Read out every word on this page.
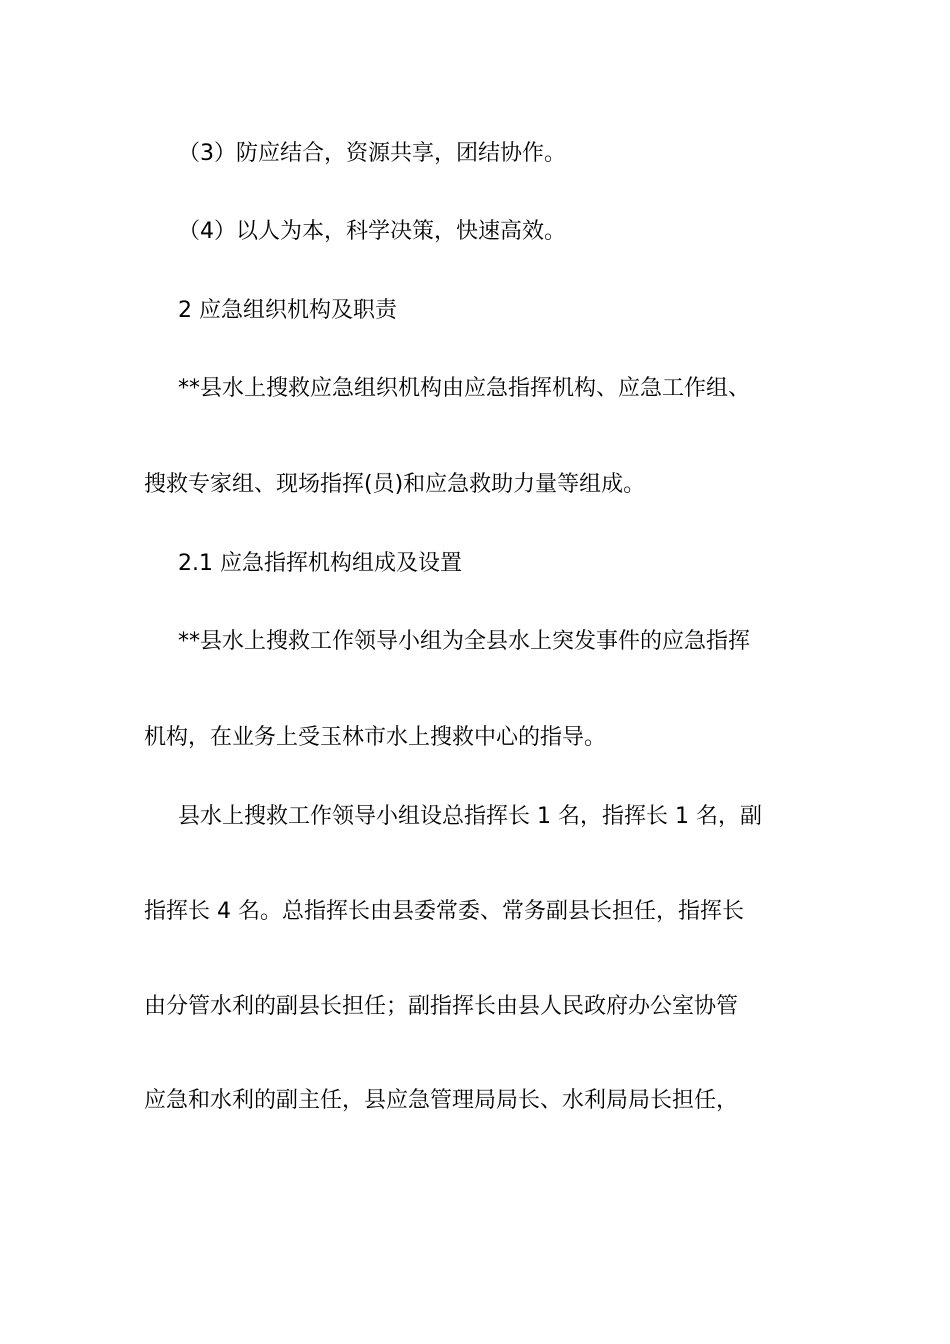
（3）防应结合，资源共享，团结协作。
（4）以人为本，科学决策，快速高效。
2 应急组织机构及职责
**县水上搜救应急组织机构由应急指挥机构、应急工作组、
搜救专家组、现场指挥(员)和应急救助力量等组成。
2.1 应急指挥机构组成及设置
**县水上搜救工作领导小组为全县水上突发事件的应急指挥
机构，在业务上受玉林市水上搜救中心的指导。
县水上搜救工作领导小组设总指挥长 1 名，指挥长 1 名，副
指挥长 4 名。总指挥长由县委常委、常务副县长担任，指挥长
由分管水利的副县长担任；副指挥长由县人民政府办公室协管
应急和水利的副主任，县应急管理局局长、水利局局长担任，
